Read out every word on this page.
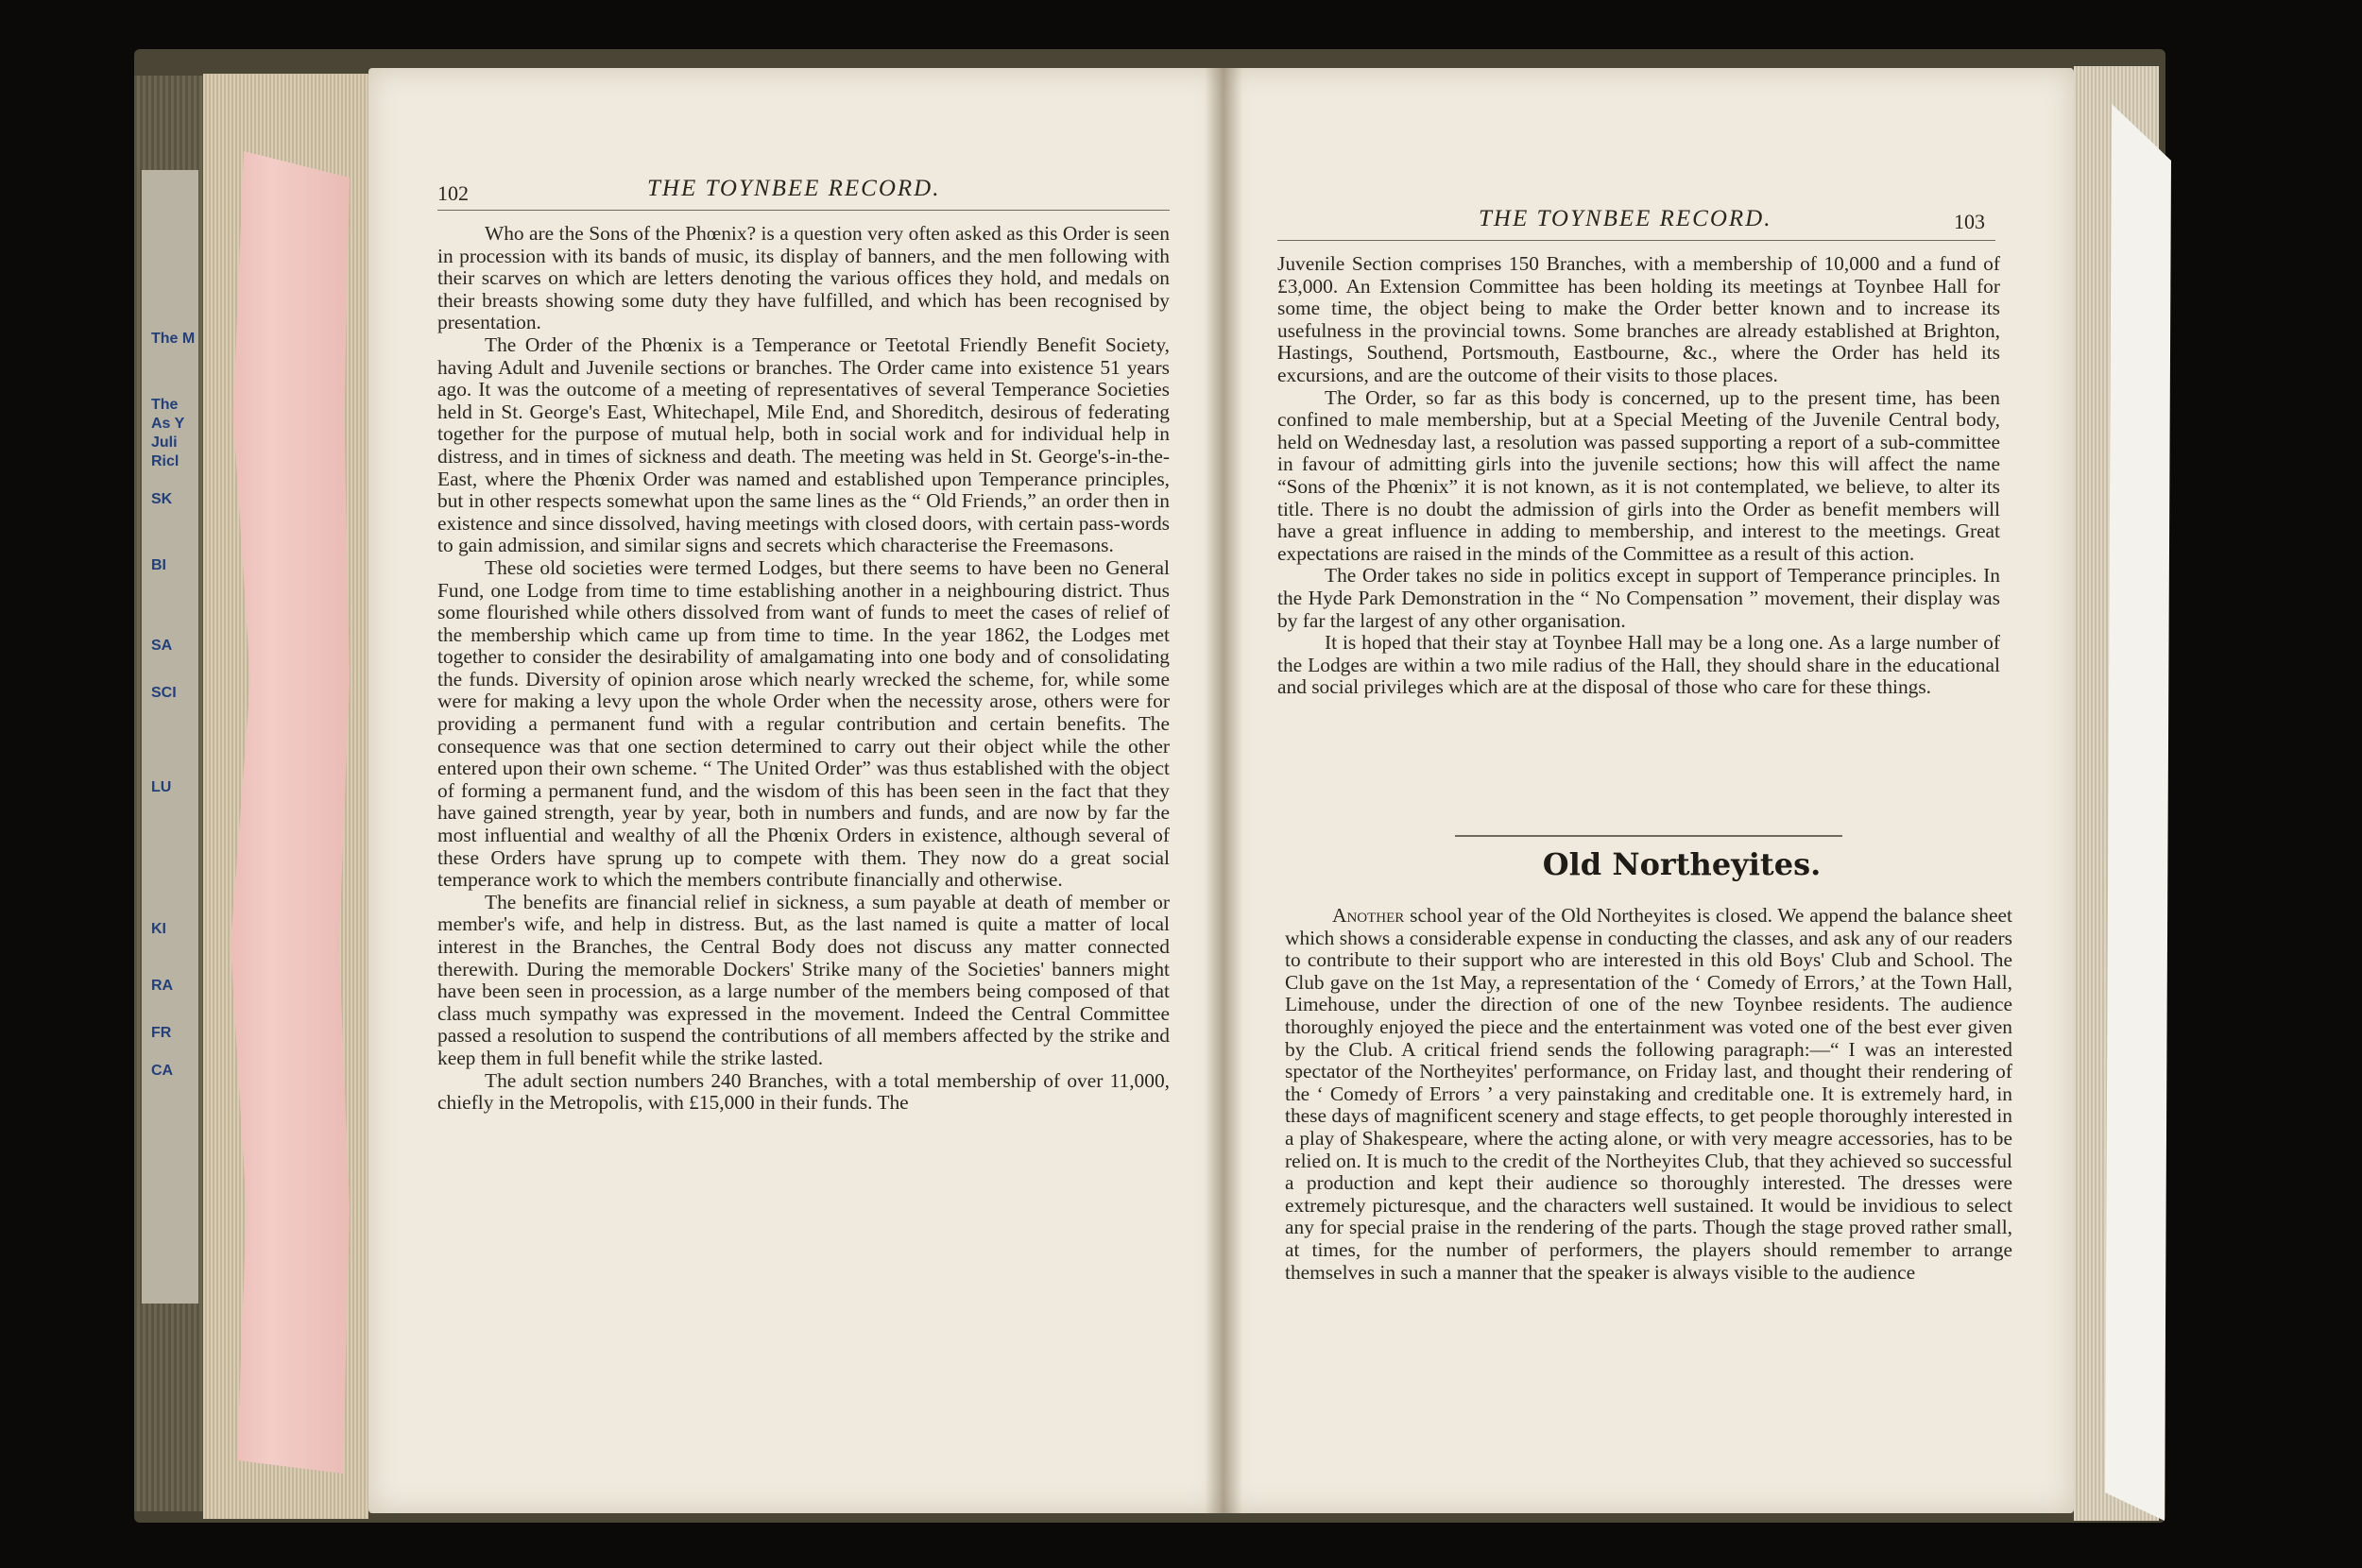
The M
The
As Y
Juli
Ricl
SK
BI
SA
SCI
LU
KI
RA
FR
CA
102	THE TOYNBEE RECORD.

Who are the Sons of the Phœnix? is a question very often asked as this Order is seen in procession with its bands of music, its display of banners, and the men following with their scarves on which are letters denoting the various offices they hold, and medals on their breasts showing some duty they have fulfilled, and which has been recognised by presentation.

The Order of the Phœnix is a Temperance or Teetotal Friendly Benefit Society, having Adult and Juvenile sections or branches. The Order came into existence 51 years ago. It was the outcome of a meeting of representatives of several Temperance Societies held in St. George's East, Whitechapel, Mile End, and Shoreditch, desirous of federating together for the purpose of mutual help, both in social work and for individual help in distress, and in times of sickness and death. The meeting was held in St. George's-in-the-East, where the Phœnix Order was named and established upon Temperance principles, but in other respects somewhat upon the same lines as the “ Old Friends,” an order then in existence and since dissolved, having meetings with closed doors, with certain pass-words to gain admission, and similar signs and secrets which characterise the Freemasons.

These old societies were termed Lodges, but there seems to have been no General Fund, one Lodge from time to time establishing another in a neighbouring district. Thus some flourished while others dissolved from want of funds to meet the cases of relief of the membership which came up from time to time. In the year 1862, the Lodges met together to consider the desirability of amalgamating into one body and of consolidating the funds. Diversity of opinion arose which nearly wrecked the scheme, for, while some were for making a levy upon the whole Order when the necessity arose, others were for providing a permanent fund with a regular contribution and certain benefits. The consequence was that one section determined to carry out their object while the other entered upon their own scheme. “ The United Order” was thus established with the object of forming a permanent fund, and the wisdom of this has been seen in the fact that they have gained strength, year by year, both in numbers and funds, and are now by far the most influential and wealthy of all the Phœnix Orders in existence, although several of these Orders have sprung up to compete with them. They now do a great social temperance work to which the members contribute financially and otherwise.

The benefits are financial relief in sickness, a sum payable at death of member or member's wife, and help in distress. But, as the last named is quite a matter of local interest in the Branches, the Central Body does not discuss any matter connected therewith. During the memorable Dockers' Strike many of the Societies' banners might have been seen in procession, as a large number of the members being composed of that class much sympathy was expressed in the movement. Indeed the Central Committee passed a resolution to suspend the contributions of all members affected by the strike and keep them in full benefit while the strike lasted.

The adult section numbers 240 Branches, with a total membership of over 11,000, chiefly in the Metropolis, with £15,000 in their funds. The

THE TOYNBEE RECORD.	103

Juvenile Section comprises 150 Branches, with a membership of 10,000 and a fund of £3,000. An Extension Committee has been holding its meetings at Toynbee Hall for some time, the object being to make the Order better known and to increase its usefulness in the provincial towns. Some branches are already established at Brighton, Hastings, Southend, Portsmouth, Eastbourne, &c., where the Order has held its excursions, and are the outcome of their visits to those places.

The Order, so far as this body is concerned, up to the present time, has been confined to male membership, but at a Special Meeting of the Juvenile Central body, held on Wednesday last, a resolution was passed supporting a report of a sub-committee in favour of admitting girls into the juvenile sections; how this will affect the name “Sons of the Phœnix” it is not known, as it is not contemplated, we believe, to alter its title. There is no doubt the admission of girls into the Order as benefit members will have a great influence in adding to membership, and interest to the meetings. Great expectations are raised in the minds of the Committee as a result of this action.

The Order takes no side in politics except in support of Temperance principles. In the Hyde Park Demonstration in the “ No Compensation ” movement, their display was by far the largest of any other organisation.

It is hoped that their stay at Toynbee Hall may be a long one. As a large number of the Lodges are within a two mile radius of the Hall, they should share in the educational and social privileges which are at the disposal of those who care for these things.

Old Northeyites.

Another school year of the Old Northeyites is closed. We append the balance sheet which shows a considerable expense in conducting the classes, and ask any of our readers to contribute to their support who are interested in this old Boys' Club and School. The Club gave on the 1st May, a representation of the ‘ Comedy of Errors,’ at the Town Hall, Limehouse, under the direction of one of the new Toynbee residents. The audience thoroughly enjoyed the piece and the entertainment was voted one of the best ever given by the Club. A critical friend sends the following paragraph:—“ I was an interested spectator of the Northeyites' performance, on Friday last, and thought their rendering of the ‘ Comedy of Errors ’ a very painstaking and creditable one. It is extremely hard, in these days of magnificent scenery and stage effects, to get people thoroughly interested in a play of Shakespeare, where the acting alone, or with very meagre accessories, has to be relied on. It is much to the credit of the Northeyites Club, that they achieved so successful a production and kept their audience so thoroughly interested. The dresses were extremely picturesque, and the characters well sustained. It would be invidious to select any for special praise in the rendering of the parts. Though the stage proved rather small, at times, for the number of performers, the players should remember to arrange themselves in such a manner that the speaker is always visible to the audience
